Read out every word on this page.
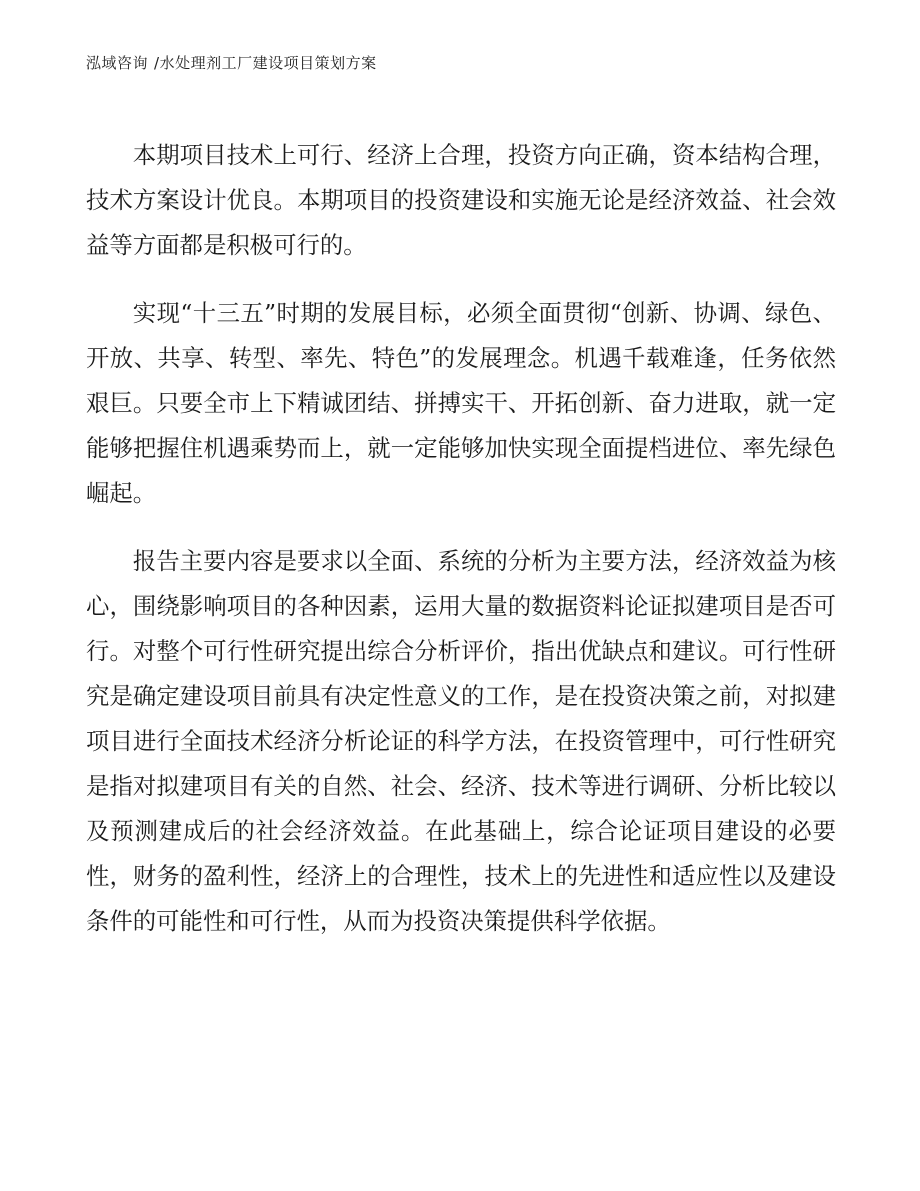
泓域咨询 /水处理剂工厂建设项目策划方案

本期项目技术上可行、经济上合理，投资方向正确，资本结构合理，技术方案设计优良。本期项目的投资建设和实施无论是经济效益、社会效益等方面都是积极可行的。

实现“十三五”时期的发展目标，必须全面贯彻“创新、协调、绿色、开放、共享、转型、率先、特色”的发展理念。机遇千载难逢，任务依然艰巨。只要全市上下精诚团结、拼搏实干、开拓创新、奋力进取，就一定能够把握住机遇乘势而上，就一定能够加快实现全面提档进位、率先绿色崛起。

报告主要内容是要求以全面、系统的分析为主要方法，经济效益为核心，围绕影响项目的各种因素，运用大量的数据资料论证拟建项目是否可行。对整个可行性研究提出综合分析评价，指出优缺点和建议。可行性研究是确定建设项目前具有决定性意义的工作，是在投资决策之前，对拟建项目进行全面技术经济分析论证的科学方法，在投资管理中，可行性研究是指对拟建项目有关的自然、社会、经济、技术等进行调研、分析比较以及预测建成后的社会经济效益。在此基础上，综合论证项目建设的必要性，财务的盈利性，经济上的合理性，技术上的先进性和适应性以及建设条件的可能性和可行性，从而为投资决策提供科学依据。
